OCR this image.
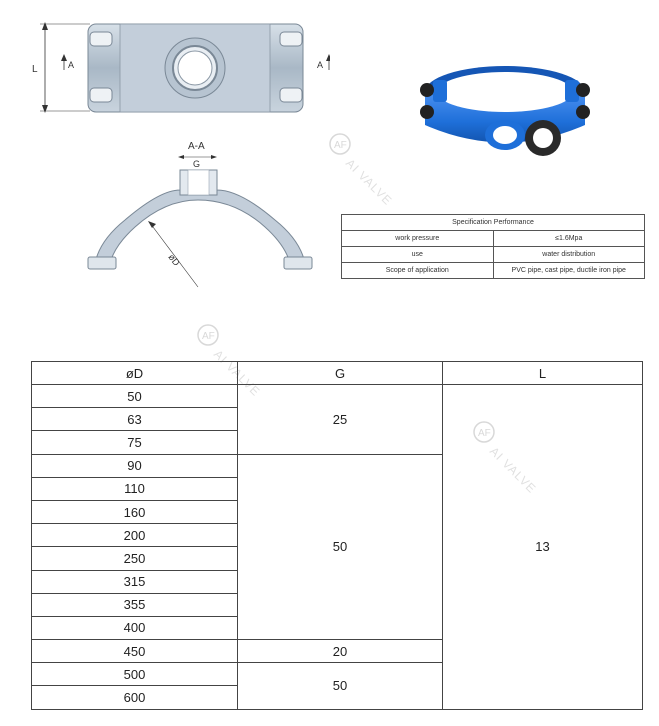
L	A	A
A-A
G
øD
AF
AI VALVE
AF
AI VALVE
AF
AI VALVE
Specification Performance	
work pressure	≤1.6Mpa
use	water distribution
Scope of application	PVC pipe, cast pipe, ductile iron pipe
øD	G	L
50	25	13
63		
75		
90	50	
110		
160		
200		
250		
315		
355		
400		
450	20	
500	50	
600		
